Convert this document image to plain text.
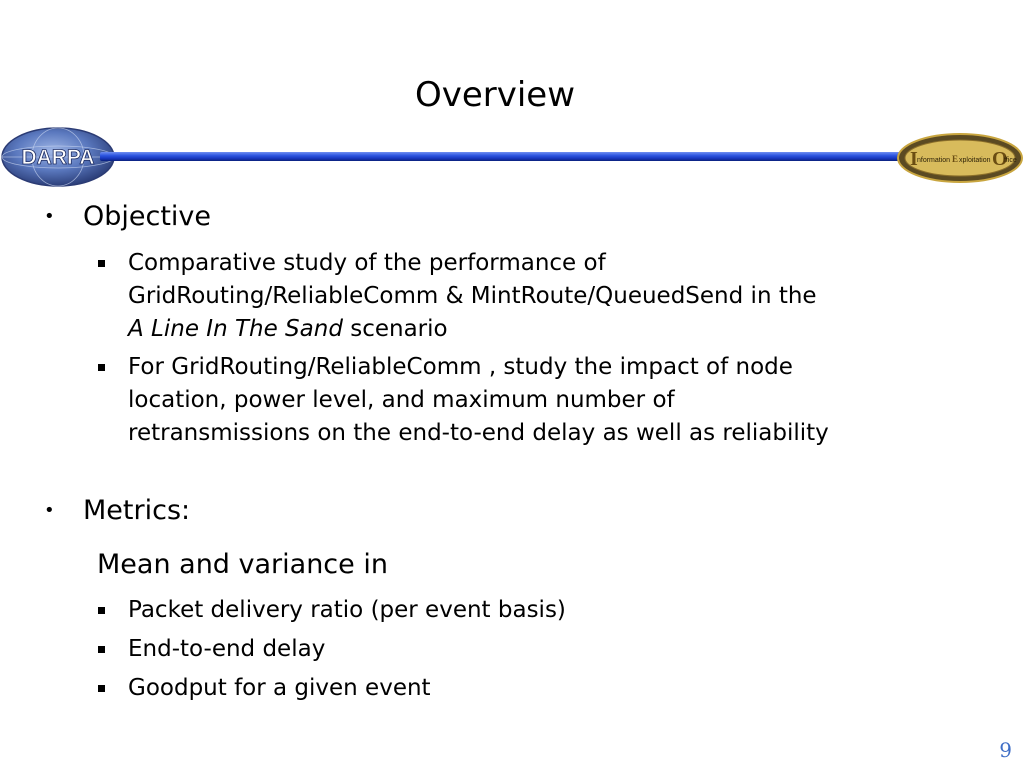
Overview
DARPA	I nformation E xploitation O
ffice
• Objective
Comparative study of the performance of
GridRouting/ReliableComm & MintRoute/QueuedSend in the
A Line In The Sand scenario
For GridRouting/ReliableComm , study the impact of node
location, power level, and maximum number of
retransmissions on the end-to-end delay as well as reliability
• Metrics:
Mean and variance in
Packet delivery ratio (per event basis)
End-to-end delay
Goodput for a given event
9
